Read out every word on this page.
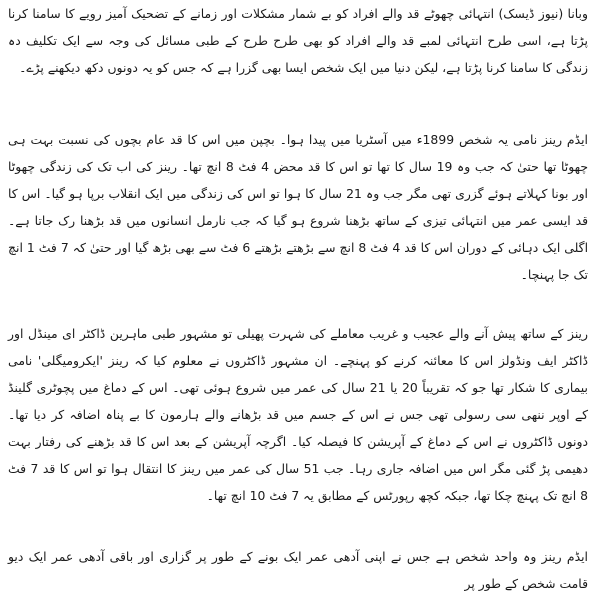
وبانا (نیوز ڈیسک) انتہائی چھوٹے قد والے افراد کو بے شمار مشکلات اور زمانے کے تضحیک آمیز رویے کا سامنا کرنا پڑتا ہے، اسی طرح انتہائی لمبے قد والے افراد کو بھی طرح طرح کے طبی مسائل کی وجہ سے ایک تکلیف دہ زندگی کا سامنا کرنا پڑتا ہے، لیکن دنیا میں ایک شخص ایسا بھی گزرا ہے کہ جس کو یہ دونوں دکھ دیکھنے پڑے۔

ایڈم رینز نامی یہ شخص 1899ء میں آسٹریا میں پیدا ہوا۔ بچپن میں اس کا قد عام بچوں کی نسبت بہت ہی چھوٹا تھا حتیٰ کہ جب وہ 19 سال کا تھا تو اس کا قد محض 4 فٹ 8 انچ تھا۔ رینز کی اب تک کی زندگی چھوٹا اور بونا کہلاتے ہوئے گزری تھی مگر جب وہ 21 سال کا ہوا تو اس کی زندگی میں ایک انقلاب برپا ہو گیا۔ اس کا قد ایسی عمر میں انتہائی تیزی کے ساتھ بڑھنا شروع ہو گیا کہ جب نارمل انسانوں میں قد بڑھنا رک جاتا ہے۔ اگلی ایک دہائی کے دوران اس کا قد 4 فٹ 8 انچ سے بڑھتے بڑھتے 6 فٹ سے بھی بڑھ گیا اور حتیٰ کہ 7 فٹ 1 انچ تک جا پہنچا۔

رینز کے ساتھ پیش آنے والے عجیب و غریب معاملے کی شہرت پھیلی تو مشہور طبی ماہرین ڈاکٹر ای مینڈل اور ڈاکٹر ایف ونڈولز اس کا معائنہ کرنے کو پہنچے۔ ان مشہور ڈاکٹروں نے معلوم کیا کہ رینز 'ایکرومیگلی' نامی بیماری کا شکار تھا جو کہ تقریباً 20 یا 21 سال کی عمر میں شروع ہوئی تھی۔ اس کے دماغ میں پچوٹری گلینڈ کے اوپر ننھی سی رسولی تھی جس نے اس کے جسم میں قد بڑھانے والے ہارمون کا بے پناہ اضافہ کر دیا تھا۔ دونوں ڈاکٹروں نے اس کے دماغ کے آپریشن کا فیصلہ کیا۔ اگرچہ آپریشن کے بعد اس کا قد بڑھنے کی رفتار بہت دھیمی پڑ گئی مگر اس میں اضافہ جاری رہا۔ جب 51 سال کی عمر میں رینز کا انتقال ہوا تو اس کا قد 7 فٹ 8 انچ تک پہنچ چکا تھا، جبکہ کچھ رپورٹس کے مطابق یہ 7 فٹ 10 انچ تھا۔

ایڈم رینز وہ واحد شخص ہے جس نے اپنی آدھی عمر ایک بونے کے طور پر گزاری اور باقی آدھی عمر ایک دیو قامت شخص کے طور پر
